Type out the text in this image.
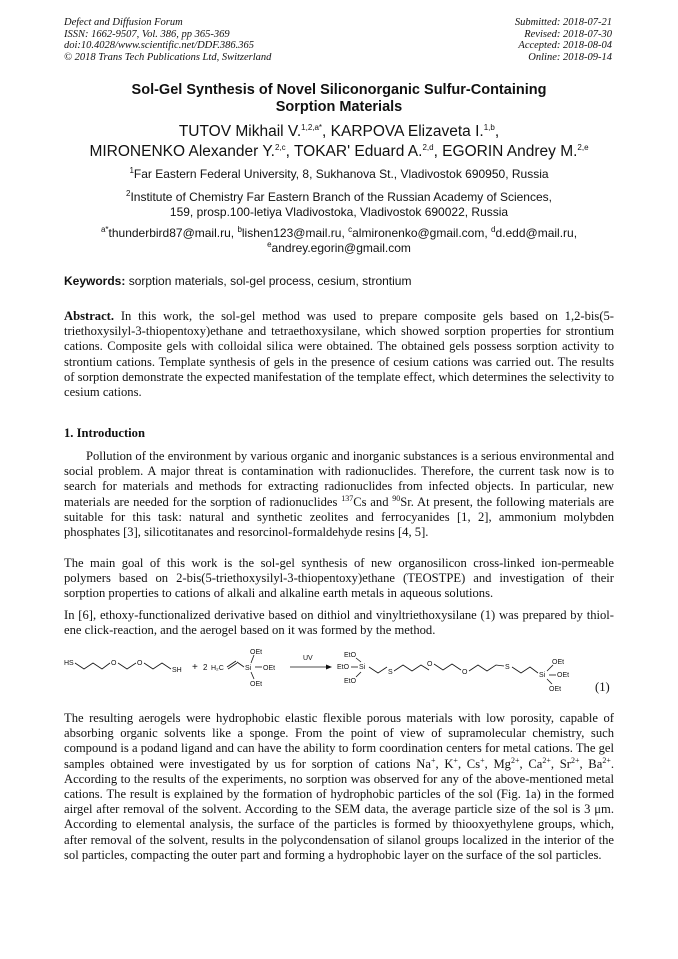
Defect and Diffusion Forum
ISSN: 1662-9507, Vol. 386, pp 365-369
doi:10.4028/www.scientific.net/DDF.386.365
© 2018 Trans Tech Publications Ltd, Switzerland
Submitted: 2018-07-21
Revised: 2018-07-30
Accepted: 2018-08-04
Online: 2018-09-14
Sol-Gel Synthesis of Novel Siliconorganic Sulfur-Containing
Sorption Materials
TUTOV Mikhail V.$^{1,2,a*}$, KARPOVA Elizaveta I.$^{1,b}$,
MIRONENKO Alexander Y.$^{2,c}$, TOKAR' Eduard A.$^{2,d}$, EGORIN Andrey M.$^{2,e}$
$^1$Far Eastern Federal University, 8, Sukhanova St., Vladivostok 690950, Russia
$^2$Institute of Chemistry Far Eastern Branch of the Russian Academy of Sciences,
159, prosp.100-letiya Vladivostoka, Vladivostok 690022, Russia
$^{a*}$thunderbird87@mail.ru, $^b$lishen123@mail.ru, $^c$almironenko@gmail.com, $^d$d.edd@mail.ru,
$^e$andrey.egorin@gmail.com
Keywords: sorption materials, sol-gel process, cesium, strontium
Abstract. In this work, the sol-gel method was used to prepare composite gels based on 1,2-bis(5-triethoxysilyl-3-thiopentoxy)ethane and tetraethoxysilane, which showed sorption properties for strontium cations. Composite gels with colloidal silica were obtained. The obtained gels possess sorption activity to strontium cations. Template synthesis of gels in the presence of cesium cations was carried out. The results of sorption demonstrate the expected manifestation of the template effect, which determines the selectivity to cesium cations.
1. Introduction
Pollution of the environment by various organic and inorganic substances is a serious environmental and social problem. A major threat is contamination with radionuclides. Therefore, the current task now is to search for materials and methods for extracting radionuclides from infected objects. In particular, new materials are needed for the sorption of radionuclides $^{137}$Cs and $^{90}$Sr. At present, the following materials are suitable for this task: natural and synthetic zeolites and ferrocyanides [1, 2], ammonium molybden phosphates [3], silicotitanates and resorcinol-formaldehyde resins [4, 5].
The main goal of this work is the sol-gel synthesis of new organosilicon cross-linked ion-permeable polymers based on 2-bis(5-triethoxysilyl-3-thiopentoxy)ethane (TEOSTPE) and investigation of their sorption properties to cations of alkali and alkaline earth metals in aqueous solutions.
In [6], ethoxy-functionalized derivative based on dithiol and vinyltriethoxysilane (1) was prepared by thiol-ene click-reaction, and the aerogel based on it was formed by the method.
HS	O	O
SH + 2 H₂C	Si
OEt
OEt
OEt
UV	EtO
EtO
EtO
Si
S
O
O
S
Si
OEt
OEt
OEt	(1)
The resulting aerogels were hydrophobic elastic flexible porous materials with low porosity, capable of absorbing organic solvents like a sponge. From the point of view of supramolecular chemistry, such compound is a podand ligand and can have the ability to form coordination centers for metal cations. The gel samples obtained were investigated by us for sorption of cations Na+, K+, Cs+, $Mg^{2+}$, $Ca^{2+}$, $Sr^{2+}$, $Ba^{2+}$. According to the results of the experiments, no sorption was observed for any of the above-mentioned metal cations. The result is explained by the formation of hydrophobic particles of the sol (Fig. 1a) in the formed airgel after removal of the solvent. According to the SEM data, the average particle size of the sol is 3 μm. According to elemental analysis, the surface of the particles is formed by thiooxyethylene groups, which, after removal of the solvent, results in the polycondensation of silanol groups localized in the interior of the sol particles, compacting the outer part and forming a hydrophobic layer on the surface of the sol particles.
